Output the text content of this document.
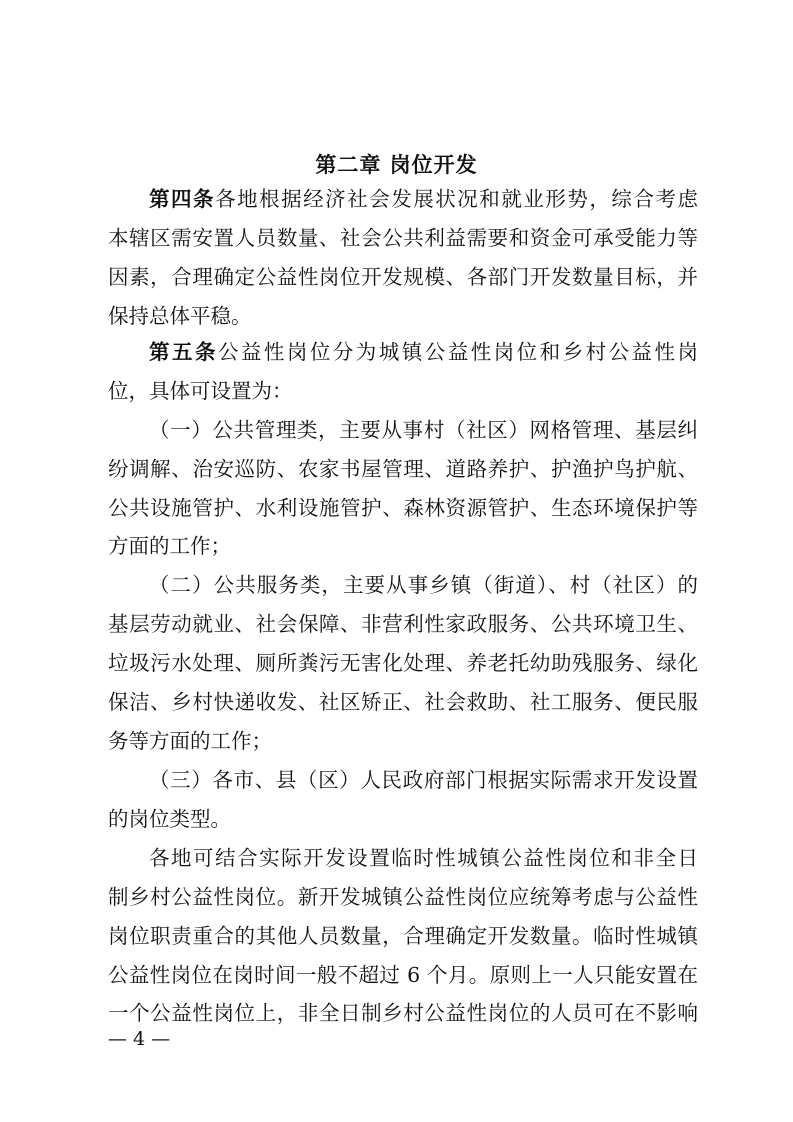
第二章 岗位开发
第四条各地根据经济社会发展状况和就业形势，综合考虑
本辖区需安置人员数量、社会公共利益需要和资金可承受能力等
因素，合理确定公益性岗位开发规模、各部门开发数量目标，并
保持总体平稳。
第五条公益性岗位分为城镇公益性岗位和乡村公益性岗
位，具体可设置为：
（一）公共管理类，主要从事村（社区）网格管理、基层纠
纷调解、治安巡防、农家书屋管理、道路养护、护渔护鸟护航、
公共设施管护、水利设施管护、森林资源管护、生态环境保护等
方面的工作；
（二）公共服务类，主要从事乡镇（街道）、村（社区）的
基层劳动就业、社会保障、非营利性家政服务、公共环境卫生、
垃圾污水处理、厕所粪污无害化处理、养老托幼助残服务、绿化
保洁、乡村快递收发、社区矫正、社会救助、社工服务、便民服
务等方面的工作；
（三）各市、县（区）人民政府部门根据实际需求开发设置
的岗位类型。
各地可结合实际开发设置临时性城镇公益性岗位和非全日
制乡村公益性岗位。新开发城镇公益性岗位应统筹考虑与公益性
岗位职责重合的其他人员数量，合理确定开发数量。临时性城镇
公益性岗位在岗时间一般不超过 6 个月。原则上一人只能安置在
一个公益性岗位上，非全日制乡村公益性岗位的人员可在不影响
— 4 —
